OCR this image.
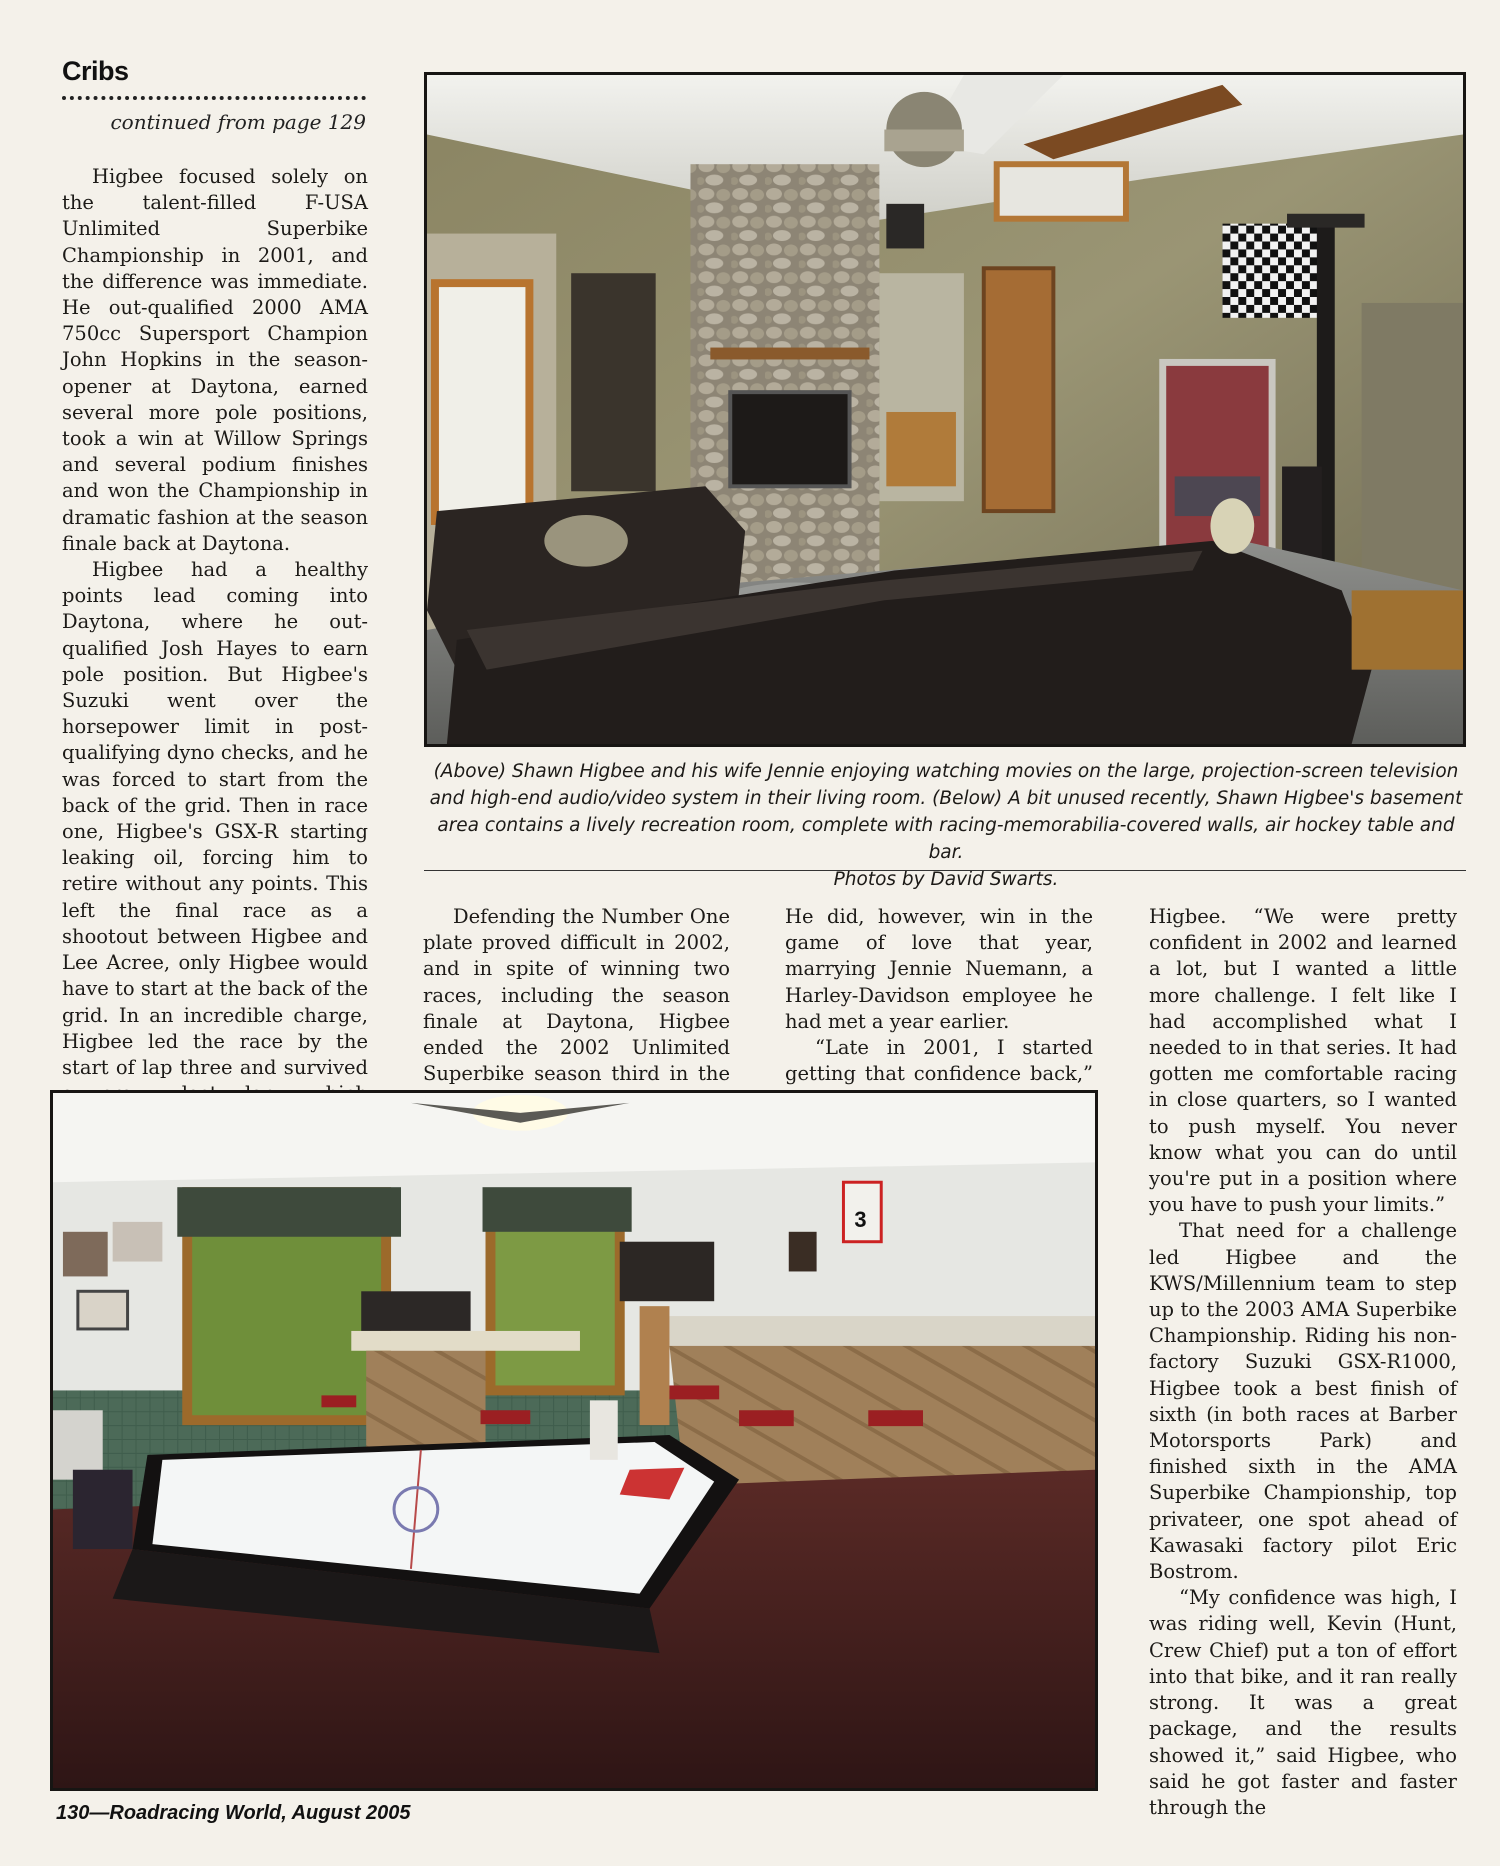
Cribs
continued from page 129

Higbee focused solely on the talent-filled F-USA Unlimited Superbike Championship in 2001, and the difference was immediate. He out-qualified 2000 AMA 750cc Supersport Champion John Hopkins in the season-opener at Daytona, earned several more pole positions, took a win at Willow Springs and several podium finishes and won the Championship in dramatic fashion at the season finale back at Daytona.

Higbee had a healthy points lead coming into Daytona, where he out-qualified Josh Hayes to earn pole position. But Higbee's Suzuki went over the horsepower limit in post-qualifying dyno checks, and he was forced to start from the back of the grid. Then in race one, Higbee's GSX-R starting leaking oil, forcing him to retire without any points. This left the final race as a shootout between Higbee and Lee Acree, only Higbee would have to start at the back of the grid. In an incredible charge, Higbee led the race by the start of lap three and survived

(Above) Shawn Higbee and his wife Jennie enjoying watching movies on the large, projection-screen television and high-end audio/video system in their living room. (Below) A bit unused recently, Shawn Higbee's basement area contains a lively recreation room, complete with racing-memorabilia-covered walls, air hockey table and bar.
Photos by David Swarts.

Defending the Number One plate proved difficult in 2002, and in spite of winning two races, including the season finale at Daytona, Higbee ended the 2002 Unlimited Superbike season third in the

He did, however, win in the game of love that year, marrying Jennie Nuemann, a Harley-Davidson employee he had met a year earlier.

“Late in 2001, I started getting that confidence back,”

Higbee. “We were pretty confident in 2002 and learned a lot, but I wanted a little more challenge. I felt like I had accomplished what I needed to in that series. It had gotten me comfortable racing in close quarters, so I wanted to push myself. You never know what you can do until you're put in a position where you have to push your limits.”

That need for a challenge led Higbee and the KWS/Millennium team to step up to the 2003 AMA Superbike Championship. Riding his non-factory Suzuki GSX-R1000, Higbee took a best finish of sixth (in both races at Barber Motorsports Park) and finished sixth in the AMA Superbike Championship, top privateer, one spot ahead of Kawasaki factory pilot Eric Bostrom.

“My confidence was high, I was riding well, Kevin (Hunt, Crew Chief) put a ton of effort into that bike, and it ran really strong. It was a great package, and the results showed it,” said Higbee, who said he got faster and faster through the

3
130—Roadracing World, August 2005
